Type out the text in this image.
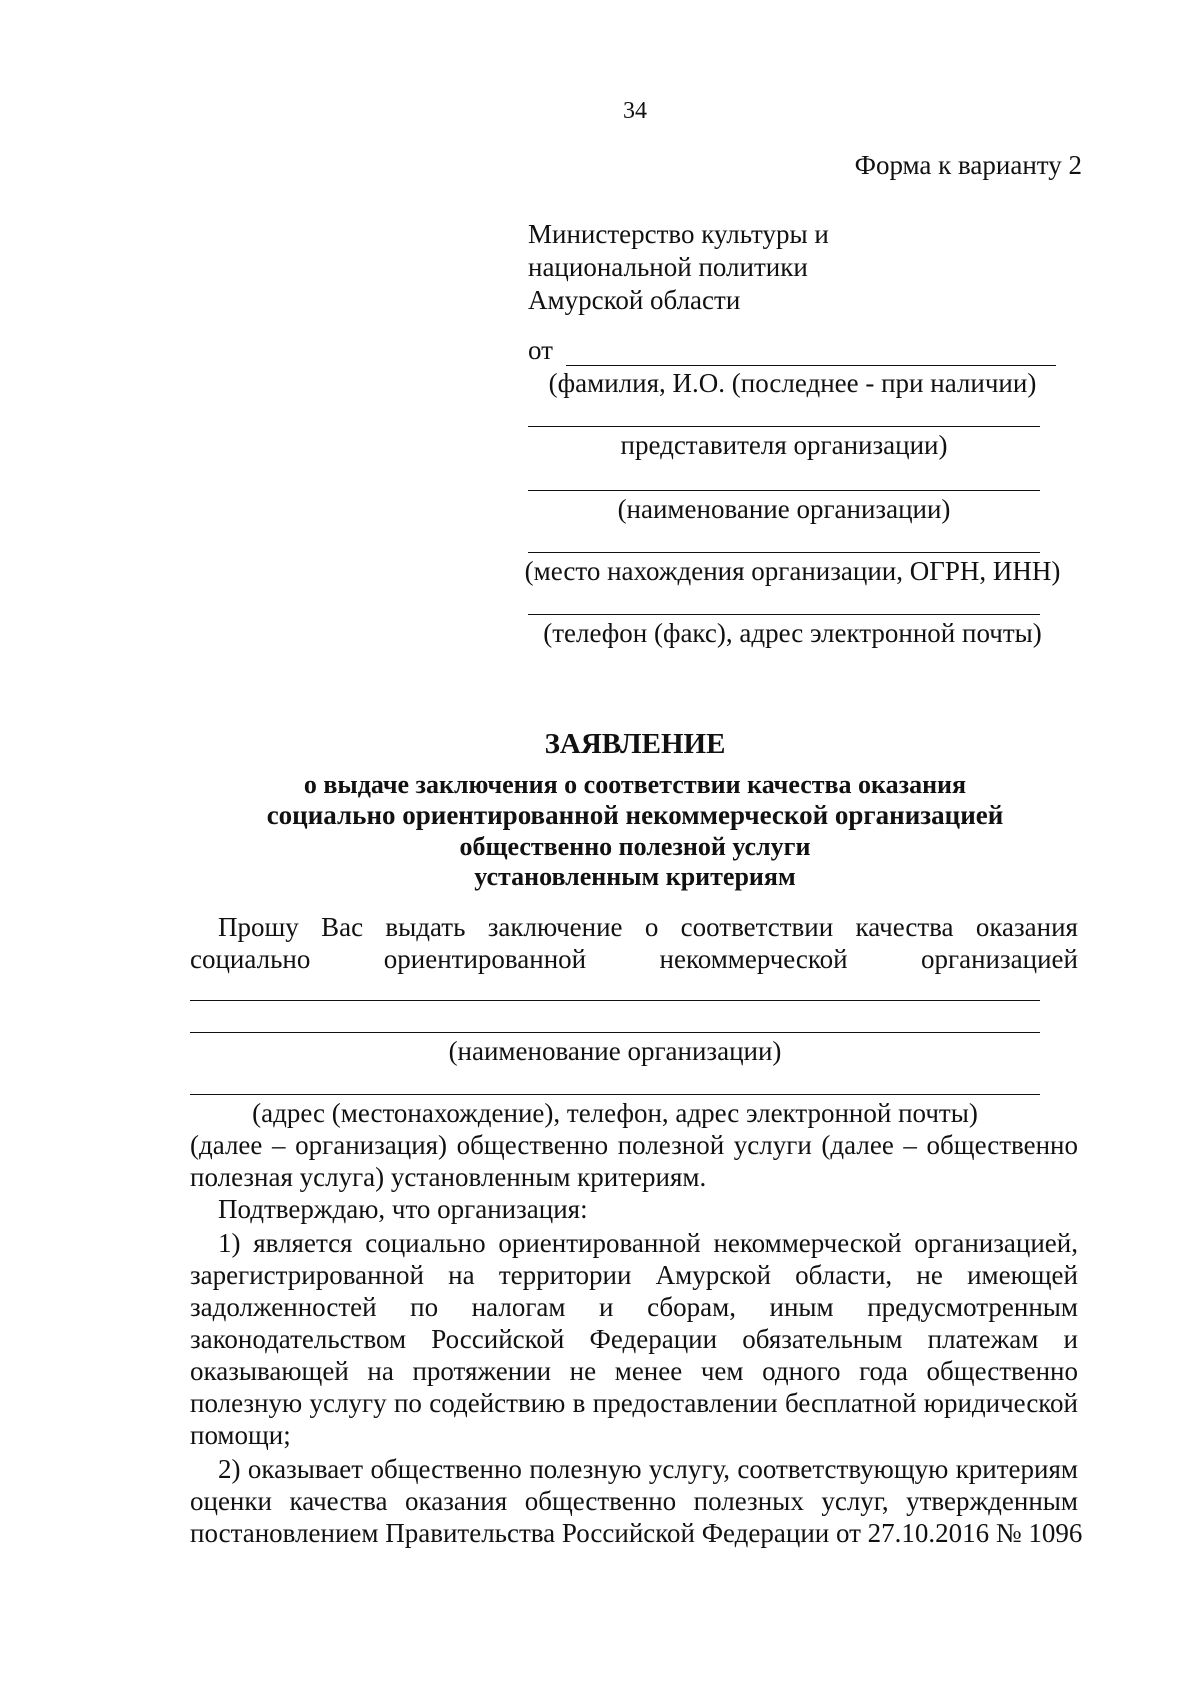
34
Форма к варианту 2
Министерство культуры и
национальной политики
Амурской области
от
(фамилия, И.О. (последнее - при наличии)
представителя организации)
(наименование организации)
(место нахождения организации, ОГРН, ИНН)
(телефон (факс), адрес электронной почты)
ЗАЯВЛЕНИЕ
о выдаче заключения о соответствии качества оказания
социально ориентированной некоммерческой организацией
общественно полезной услуги
установленным критериям
Прошу Вас выдать заключение о соответствии качества оказания
социально	ориентированной	некоммерческой	организацией
(наименование организации)
(адрес (местонахождение), телефон, адрес электронной почты)
(далее – организация) общественно полезной услуги (далее – общественно
полезная услуга) установленным критериям.
Подтверждаю, что организация:
1) является социально ориентированной некоммерческой организацией,
зарегистрированной на территории Амурской области, не имеющей
задолженностей по налогам и сборам, иным предусмотренным
законодательством Российской Федерации обязательным платежам и
оказывающей на протяжении не менее чем одного года общественно
полезную услугу по содействию в предоставлении бесплатной юридической
помощи;
2) оказывает общественно полезную услугу, соответствующую критериям
оценки качества оказания общественно полезных услуг, утвержденным
постановлением Правительства Российской Федерации от 27.10.2016 № 1096
